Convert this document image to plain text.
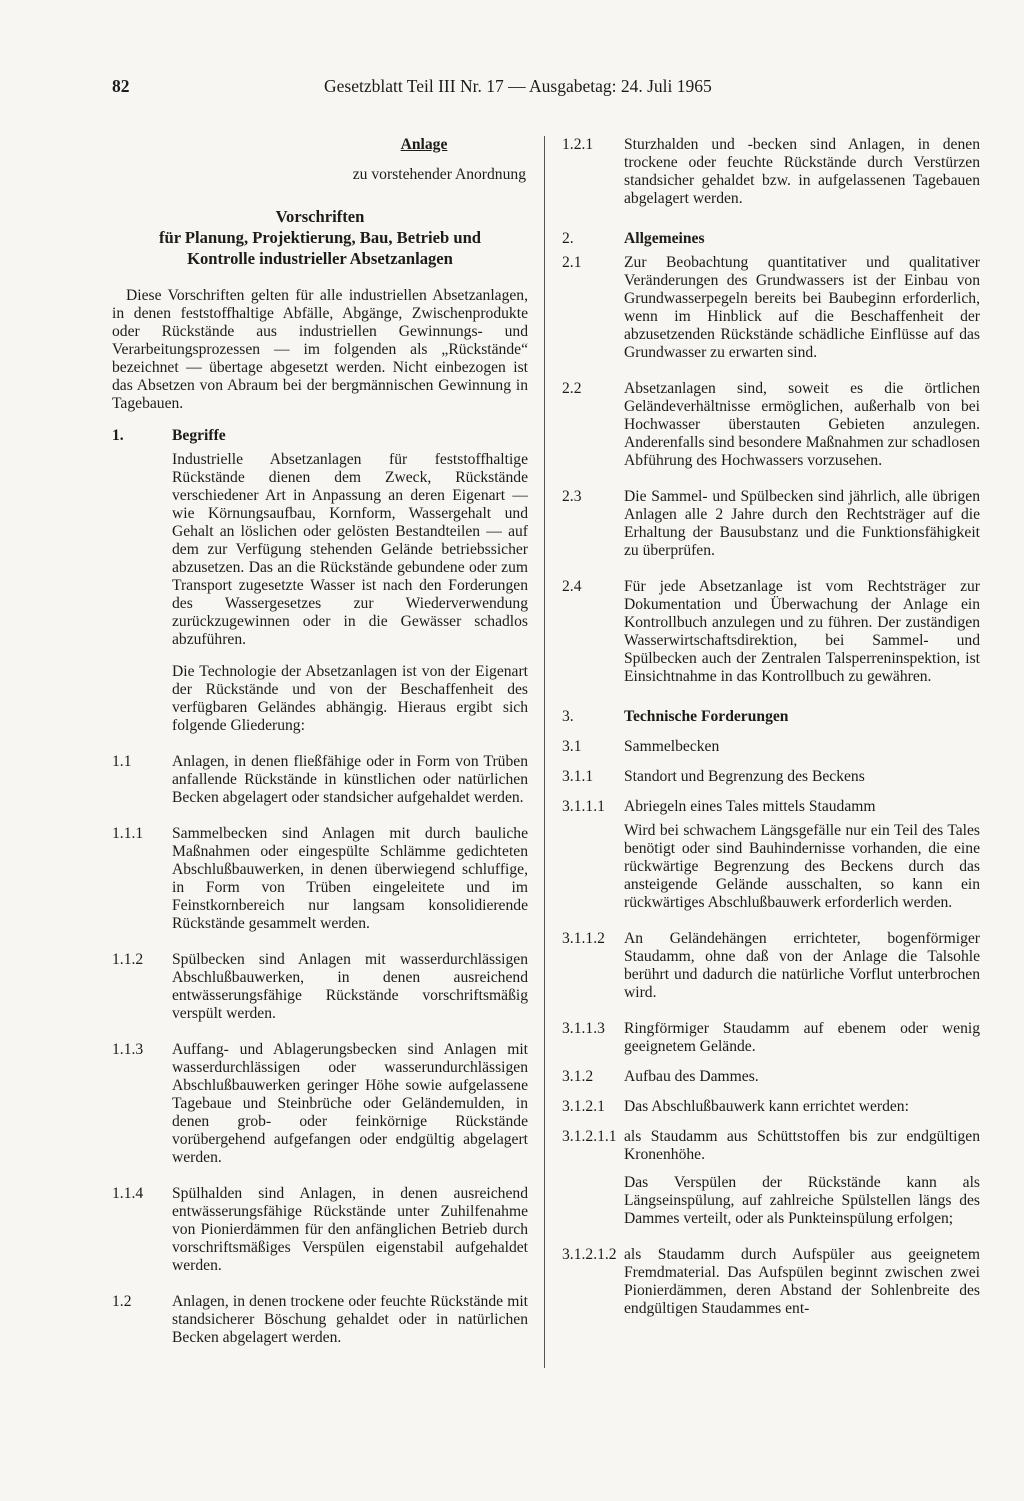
82	Gesetzblatt Teil III Nr. 17 — Ausgabetag: 24. Juli 1965

Anlage

zu vorstehender Anordnung

Vorschriften
für Planung, Projektierung, Bau, Betrieb und
Kontrolle industrieller Absetzanlagen

Diese Vorschriften gelten für alle industriellen Absetzanlagen, in denen feststoffhaltige Abfälle, Abgänge, Zwischenprodukte oder Rückstände aus industriellen Gewinnungs- und Verarbeitungsprozessen — im folgenden als „Rückstände“ bezeichnet — übertage abgesetzt werden. Nicht einbezogen ist das Absetzen von Abraum bei der bergmännischen Gewinnung in Tagebauen.

1.	Begriffe

Industrielle Absetzanlagen für feststoffhaltige Rückstände dienen dem Zweck, Rückstände verschiedener Art in Anpassung an deren Eigenart — wie Körnungsaufbau, Kornform, Wassergehalt und Gehalt an löslichen oder gelösten Bestandteilen — auf dem zur Verfügung stehenden Gelände betriebssicher abzusetzen. Das an die Rückstände gebundene oder zum Transport zugesetzte Wasser ist nach den Forderungen des Wassergesetzes zur Wiederverwendung zurückzugewinnen oder in die Gewässer schadlos abzuführen.

Die Technologie der Absetzanlagen ist von der Eigenart der Rückstände und von der Beschaffenheit des verfügbaren Geländes abhängig. Hieraus ergibt sich folgende Gliederung:

1.1	Anlagen, in denen fließfähige oder in Form von Trüben anfallende Rückstände in künstlichen oder natürlichen Becken abgelagert oder standsicher aufgehaldet werden.
1.1.1	Sammelbecken sind Anlagen mit durch bauliche Maßnahmen oder eingespülte Schlämme gedichteten Abschlußbauwerken, in denen überwiegend schluffige, in Form von Trüben eingeleitete und im Feinstkornbereich nur langsam konsolidierende Rückstände gesammelt werden.
1.1.2	Spülbecken sind Anlagen mit wasserdurchlässigen Abschlußbauwerken, in denen ausreichend entwässerungsfähige Rückstände vorschriftsmäßig verspült werden.
1.1.3	Auffang- und Ablagerungsbecken sind Anlagen mit wasserdurchlässigen oder wasserundurchlässigen Abschlußbauwerken geringer Höhe sowie aufgelassene Tagebaue und Steinbrüche oder Geländemulden, in denen grob- oder feinkörnige Rückstände vorübergehend aufgefangen oder endgültig abgelagert werden.
1.1.4	Spülhalden sind Anlagen, in denen ausreichend entwässerungsfähige Rückstände unter Zuhilfenahme von Pionierdämmen für den anfänglichen Betrieb durch vorschriftsmäßiges Verspülen eigenstabil aufgehaldet werden.
1.2	Anlagen, in denen trockene oder feuchte Rückstände mit standsicherer Böschung gehaldet oder in natürlichen Becken abgelagert werden.
1.2.1	Sturzhalden und -becken sind Anlagen, in denen trockene oder feuchte Rückstände durch Verstürzen standsicher gehaldet bzw. in aufgelassenen Tagebauen abgelagert werden.
2.	Allgemeines
2.1	Zur Beobachtung quantitativer und qualitativer Veränderungen des Grundwassers ist der Einbau von Grundwasserpegeln bereits bei Baubeginn erforderlich, wenn im Hinblick auf die Beschaffenheit der abzusetzenden Rückstände schädliche Einflüsse auf das Grundwasser zu erwarten sind.
2.2	Absetzanlagen sind, soweit es die örtlichen Geländeverhältnisse ermöglichen, außerhalb von bei Hochwasser überstauten Gebieten anzulegen. Anderenfalls sind besondere Maßnahmen zur schadlosen Abführung des Hochwassers vorzusehen.
2.3	Die Sammel- und Spülbecken sind jährlich, alle übrigen Anlagen alle 2 Jahre durch den Rechtsträger auf die Erhaltung der Bausubstanz und die Funktionsfähigkeit zu überprüfen.
2.4	Für jede Absetzanlage ist vom Rechtsträger zur Dokumentation und Überwachung der Anlage ein Kontrollbuch anzulegen und zu führen. Der zuständigen Wasserwirtschaftsdirektion, bei Sammel- und Spülbecken auch der Zentralen Talsperreninspektion, ist Einsichtnahme in das Kontrollbuch zu gewähren.
3.	Technische Forderungen
3.1	Sammelbecken
3.1.1	Standort und Begrenzung des Beckens
3.1.1.1	Abriegeln eines Tales mittels Staudamm

Wird bei schwachem Längsgefälle nur ein Teil des Tales benötigt oder sind Bauhindernisse vorhanden, die eine rückwärtige Begrenzung des Beckens durch das ansteigende Gelände ausschalten, so kann ein rückwärtiges Abschlußbauwerk erforderlich werden.

3.1.1.2	An Geländehängen errichteter, bogenförmiger Staudamm, ohne daß von der Anlage die Talsohle berührt und dadurch die natürliche Vorflut unterbrochen wird.
3.1.1.3	Ringförmiger Staudamm auf ebenem oder wenig geeignetem Gelände.
3.1.2	Aufbau des Dammes.
3.1.2.1	Das Abschlußbauwerk kann errichtet werden:
3.1.2.1.1 als Staudamm aus Schüttstoffen bis zur endgültigen Kronenhöhe.

Das Verspülen der Rückstände kann als Längseinspülung, auf zahlreiche Spülstellen längs des Dammes verteilt, oder als Punkteinspülung erfolgen;

3.1.2.1.2 als Staudamm durch Aufspüler aus geeignetem Fremdmaterial. Das Aufspülen beginnt zwischen zwei Pionierdämmen, deren Abstand der Sohlenbreite des endgültigen Staudammes ent-
